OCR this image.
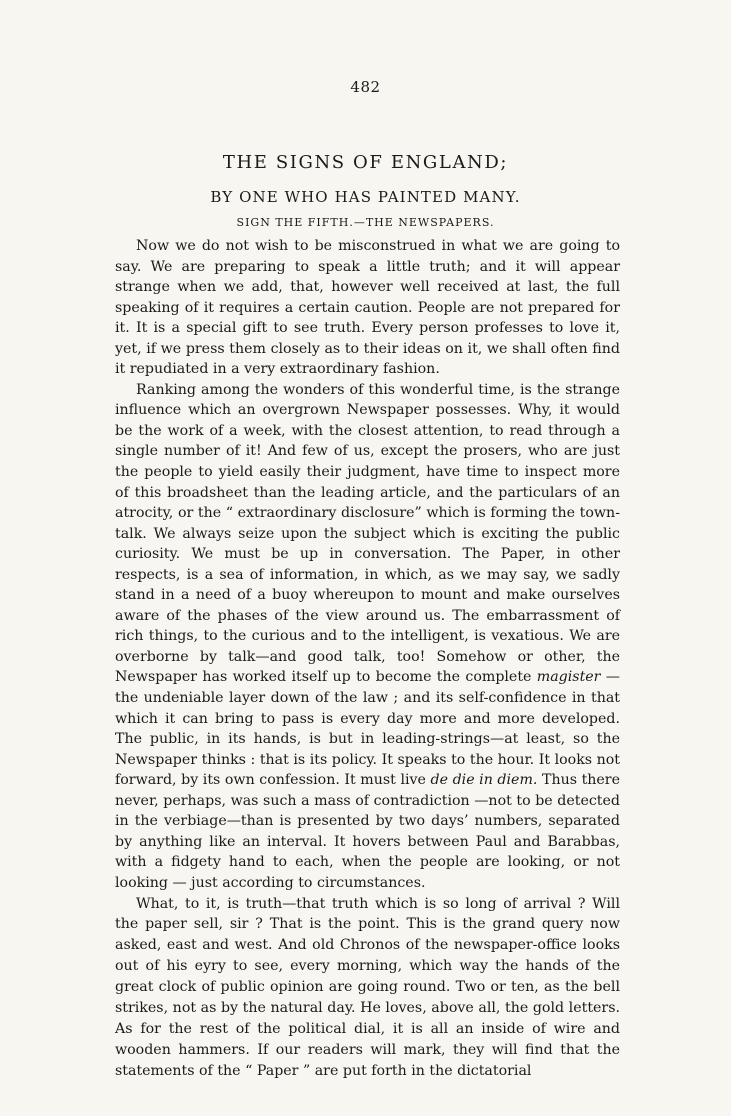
482
THE SIGNS OF ENGLAND;
BY ONE WHO HAS PAINTED MANY.
SIGN THE FIFTH.—THE NEWSPAPERS.

Now we do not wish to be misconstrued in what we are going to say. We are preparing to speak a little truth; and it will appear strange when we add, that, however well received at last, the full speaking of it requires a certain caution. People are not prepared for it. It is a special gift to see truth. Every person professes to love it, yet, if we press them closely as to their ideas on it, we shall often find it repudiated in a very extraordinary fashion.

Ranking among the wonders of this wonderful time, is the strange influence which an overgrown Newspaper possesses. Why, it would be the work of a week, with the closest attention, to read through a single number of it! And few of us, except the prosers, who are just the people to yield easily their judgment, have time to inspect more of this broadsheet than the leading article, and the particulars of an atrocity, or the “ extraordinary disclosure” which is forming the town-talk. We always seize upon the subject which is exciting the public curiosity. We must be up in conversation. The Paper, in other respects, is a sea of information, in which, as we may say, we sadly stand in a need of a buoy whereupon to mount and make ourselves aware of the phases of the view around us. The embarrassment of rich things, to the curious and to the intelligent, is vexatious. We are overborne by talk—and good talk, too! Somehow or other, the Newspaper has worked itself up to become the complete magister —the undeniable layer down of the law ; and its self-confidence in that which it can bring to pass is every day more and more developed. The public, in its hands, is but in leading-strings—at least, so the Newspaper thinks : that is its policy. It speaks to the hour. It looks not forward, by its own confession. It must live de die in diem. Thus there never, perhaps, was such a mass of contradiction —not to be detected in the verbiage—than is presented by two days’ numbers, separated by anything like an interval. It hovers between Paul and Barabbas, with a fidgety hand to each, when the people are looking, or not looking — just according to circumstances.

What, to it, is truth—that truth which is so long of arrival ? Will the paper sell, sir ? That is the point. This is the grand query now asked, east and west. And old Chronos of the newspaper-office looks out of his eyry to see, every morning, which way the hands of the great clock of public opinion are going round. Two or ten, as the bell strikes, not as by the natural day. He loves, above all, the gold letters. As for the rest of the political dial, it is all an inside of wire and wooden hammers. If our readers will mark, they will find that the statements of the “ Paper ” are put forth in the dictatorial
